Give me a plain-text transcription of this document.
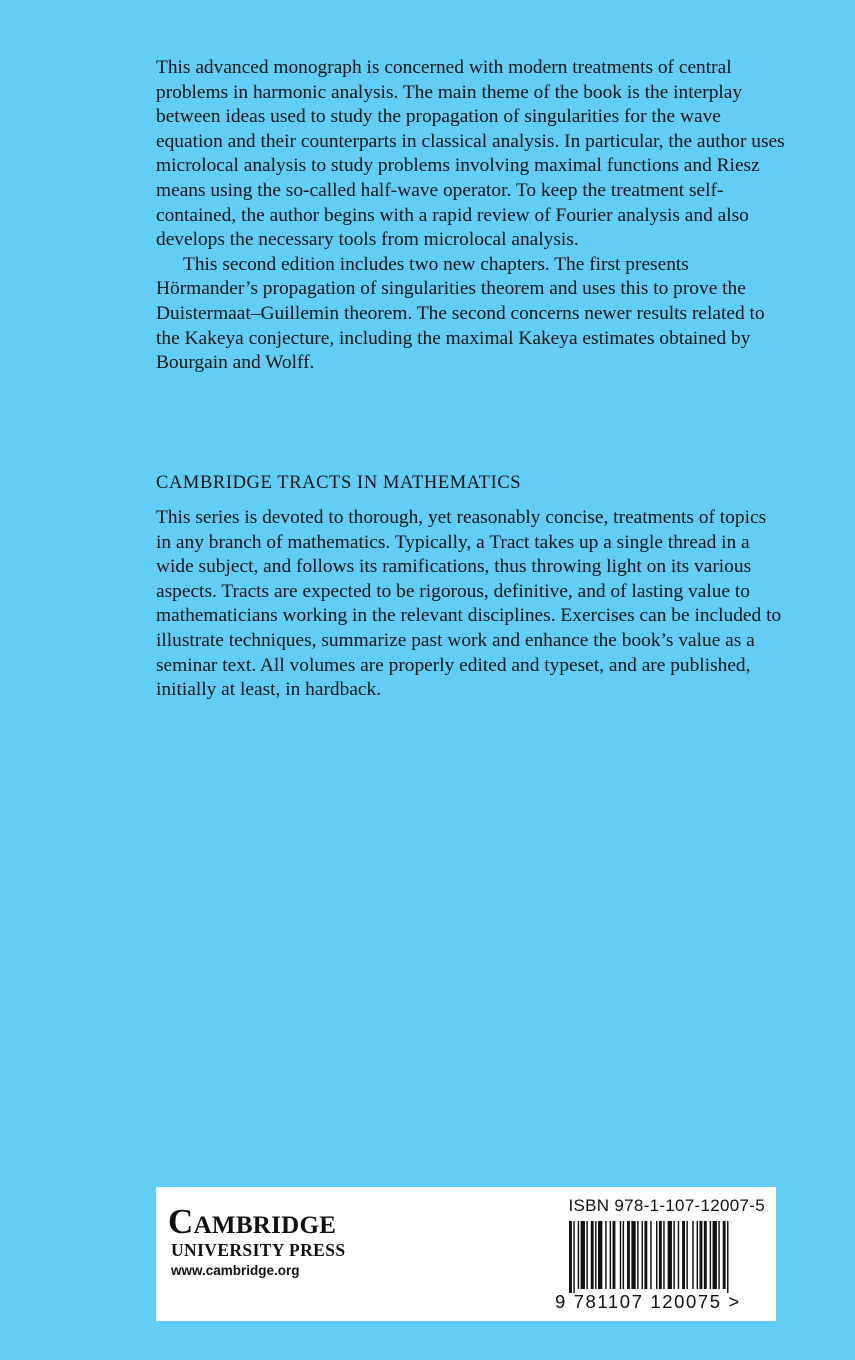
This advanced monograph is concerned with modern treatments of central problems in harmonic analysis. The main theme of the book is the interplay between ideas used to study the propagation of singularities for the wave equation and their counterparts in classical analysis. In particular, the author uses microlocal analysis to study problems involving maximal functions and Riesz means using the so-called half-wave operator. To keep the treatment self-contained, the author begins with a rapid review of Fourier analysis and also develops the necessary tools from microlocal analysis.

This second edition includes two new chapters. The first presents Hörmander’s propagation of singularities theorem and uses this to prove the Duistermaat–Guillemin theorem. The second concerns newer results related to the Kakeya conjecture, including the maximal Kakeya estimates obtained by Bourgain and Wolff.

CAMBRIDGE TRACTS IN MATHEMATICS

This series is devoted to thorough, yet reasonably concise, treatments of topics in any branch of mathematics. Typically, a Tract takes up a single thread in a wide subject, and follows its ramifications, thus throwing light on its various aspects. Tracts are expected to be rigorous, definitive, and of lasting value to mathematicians working in the relevant disciplines. Exercises can be included to illustrate techniques, summarize past work and enhance the book’s value as a seminar text. All volumes are properly edited and typeset, and are published, initially at least, in hardback.

Cambridge
UNIVERSITY PRESS
www.cambridge.org
ISBN 978-1-107-12007-5
9 781107 120075 >
